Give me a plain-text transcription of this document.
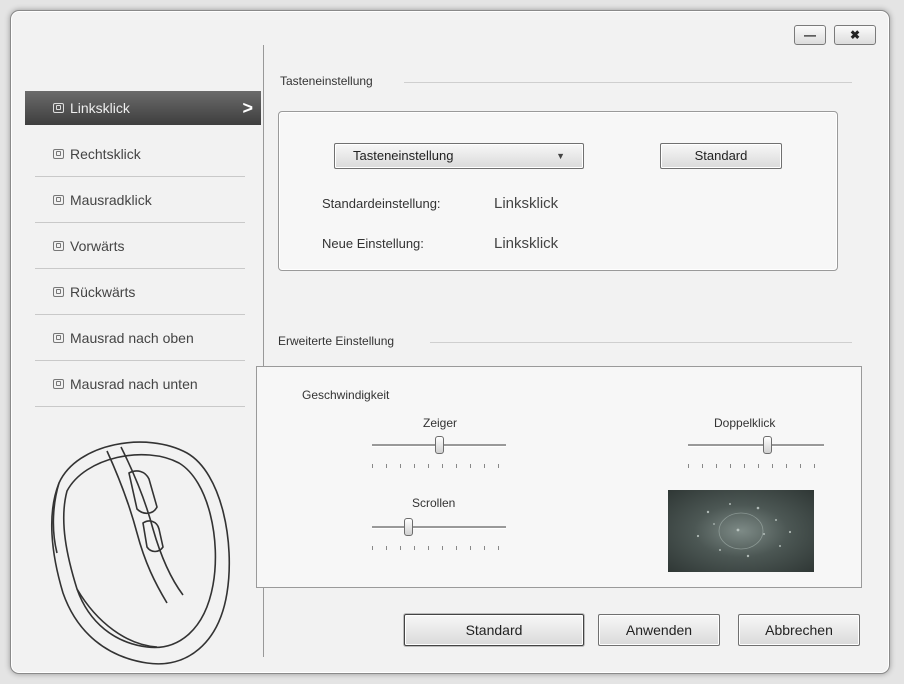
—	✖
Linksklick	>
Rechtsklick
Mausradklick
Vorwärts
Rückwärts
Mausrad nach oben
Mausrad nach unten
Tasteneinstellung
Tasteneinstellung	▼	Standard
Standardeinstellung:	Linksklick
Neue Einstellung:	Linksklick
Erweiterte Einstellung
Geschwindigkeit
Zeiger	Doppelklick
Scrollen
Standard	Anwenden	Abbrechen
